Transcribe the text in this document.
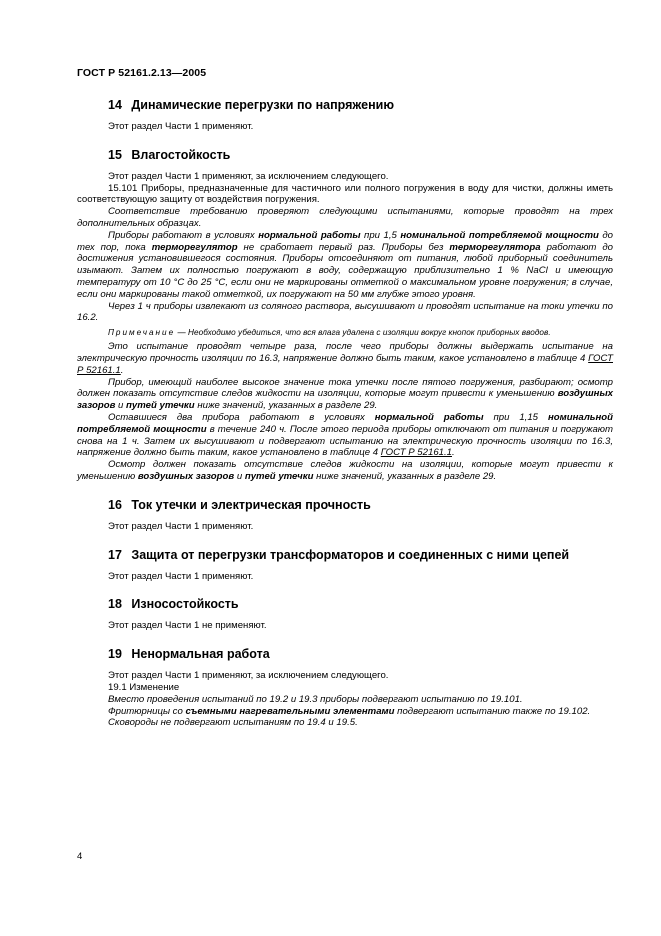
ГОСТ Р 52161.2.13—2005
14 Динамические перегрузки по напряжению

Этот раздел Части 1 применяют.

15 Влагостойкость

Этот раздел Части 1 применяют, за исключением следующего.

15.101 Приборы, предназначенные для частичного или полного погружения в воду для чистки, должны иметь соответствующую защиту от воздействия погружения.

Соответствие требованию проверяют следующими испытаниями, которые проводят на трех дополнительных образцах.

Приборы работают в условиях нормальной работы при 1,5 номинальной потребляемой мощности до тех пор, пока терморегулятор не сработает первый раз. Приборы без терморегуляторa работают до достижения установившегося состояния. Приборы отсоединяют от питания, любой приборный соединитель изымают. Затем их полностью погружают в воду, содержащую приблизительно 1 % NaCl и имеющую температуру от 10 °С до 25 °С, если они не маркированы отметкой о максимальном уровне погружения; в случае, если они маркированы такой отметкой, их погружают на 50 мм глубже этого уровня.

Через 1 ч приборы извлекают из соляного раствора, высушивают и проводят испытание на токи утечки по 16.2.

Примечание — Необходимо убедиться, что вся влага удалена с изоляции вокруг кнопок приборных вводов.

Это испытание проводят четыре раза, после чего приборы должны выдержать испытание на электрическую прочность изоляции по 16.3, напряжение должно быть таким, какое установлено в таблице 4 ГОСТ Р 52161.1.

Прибор, имеющий наиболее высокое значение тока утечки после пятого погружения, разбирают; осмотр должен показать отсутствие следов жидкости на изоляции, которые могут привести к уменьшению воздушных зазоров и путей утечки ниже значений, указанных в разделе 29.

Оставшиеся два прибора работают в условиях нормальной работы при 1,15 номинальной потребляемой мощности в течение 240 ч. После этого периода приборы отключают от питания и погружают снова на 1 ч. Затем их высушивают и подвергают испытанию на электрическую прочность изоляции по 16.3, напряжение должно быть таким, какое установлено в таблице 4 ГОСТ Р 52161.1.

Осмотр должен показать отсутствие следов жидкости на изоляции, которые могут привести к уменьшению воздушных зазоров и путей утечки ниже значений, указанных в разделе 29.

16 Ток утечки и электрическая прочность

Этот раздел Части 1 применяют.

17 Защита от перегрузки трансформаторов и соединенных с ними цепей

Этот раздел Части 1 применяют.

18 Износостойкость

Этот раздел Части 1 не применяют.

19 Ненормальная работа

Этот раздел Части 1 применяют, за исключением следующего.

19.1 Изменение

Вместо проведения испытаний по 19.2 и 19.3 приборы подвергают испытанию по 19.101.

Фритюрницы со съемными нагревательными элементами подвергают испытанию также по 19.102.

Сковороды не подвергают испытаниям по 19.4 и 19.5.

4
